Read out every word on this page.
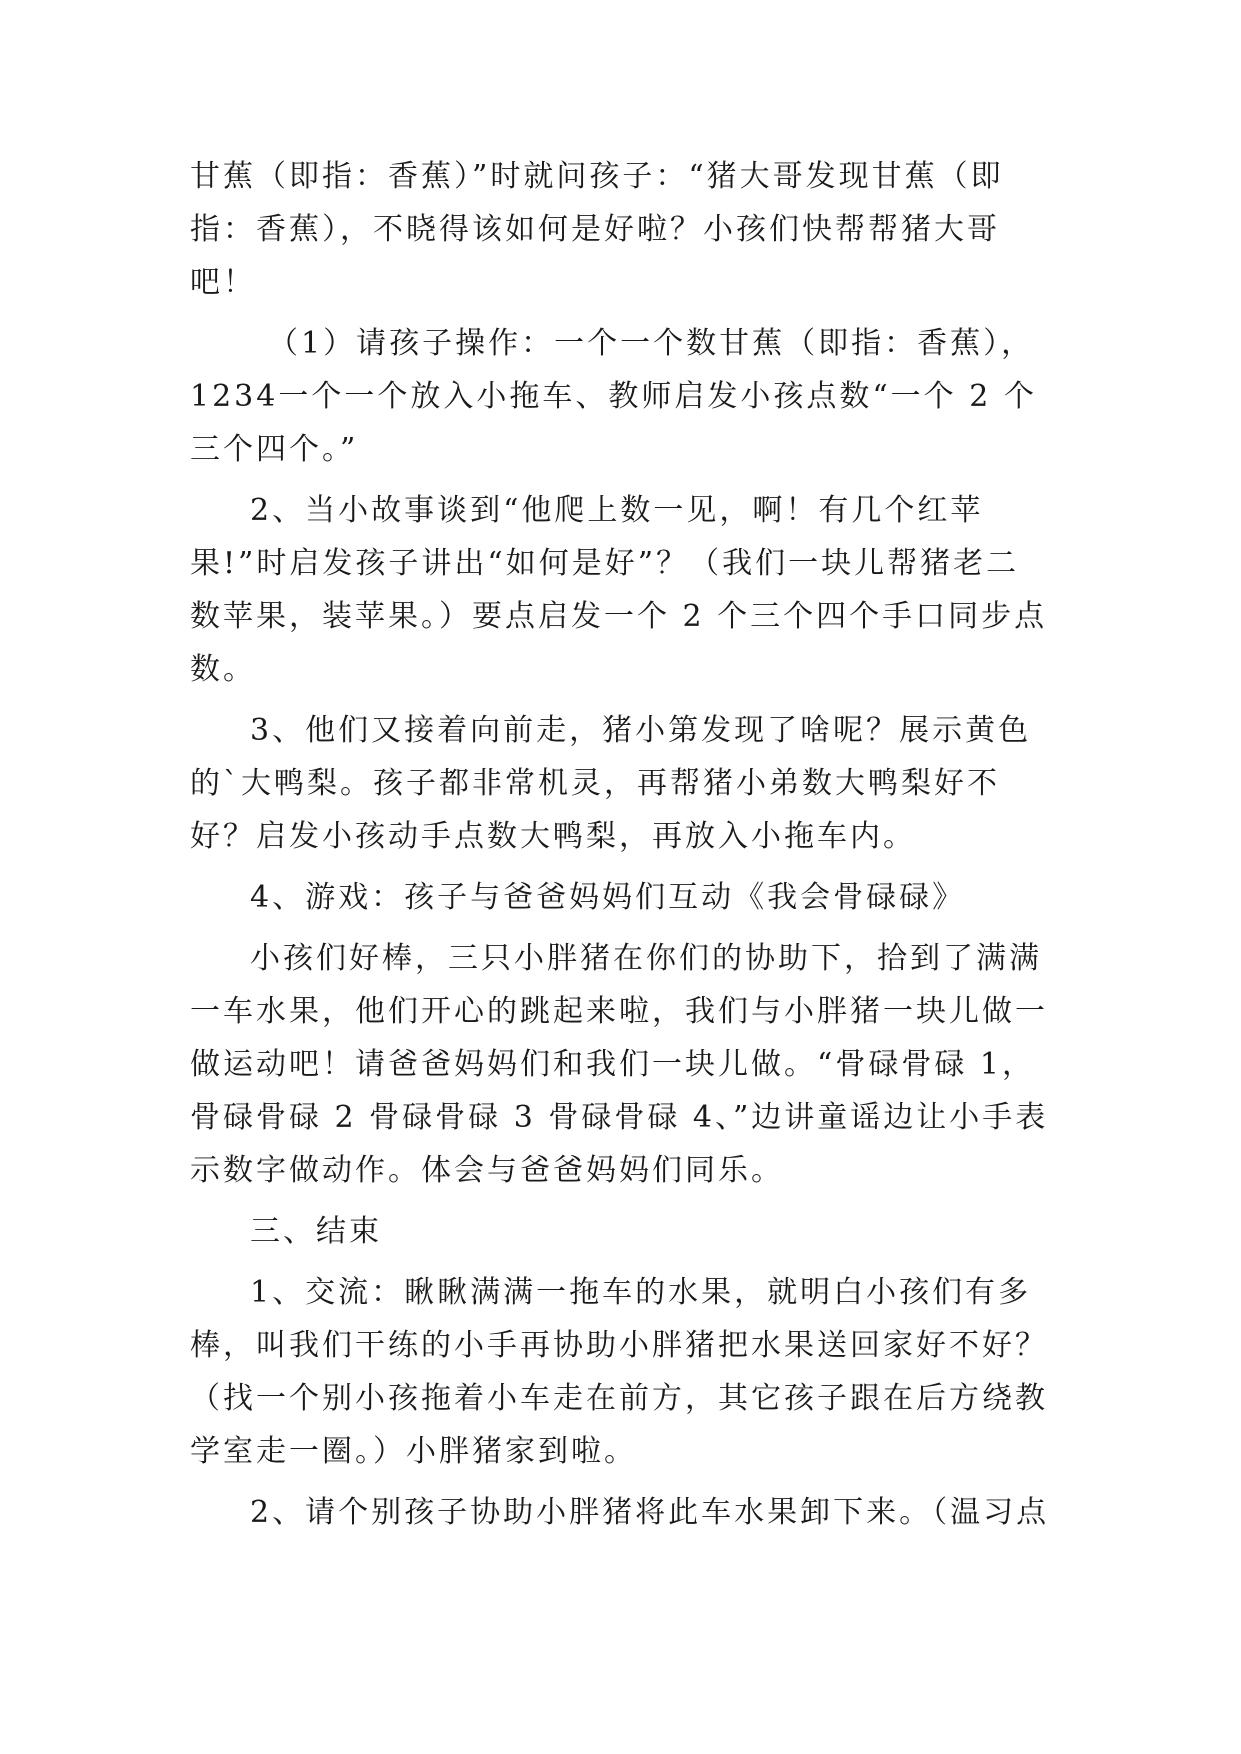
甘蕉（即指：香蕉）”时就问孩子：“猪大哥发现甘蕉（即指：香蕉），不晓得该如何是好啦？小孩们快帮帮猪大哥吧！

（1）请孩子操作：一个一个数甘蕉（即指：香蕉），1234一个一个放入小拖车、教师启发小孩点数“一个 2 个三个四个。”

2、当小故事谈到“他爬上数一见，啊！有几个红苹果!”时启发孩子讲出“如何是好”？（我们一块儿帮猪老二数苹果，装苹果。）要点启发一个 2 个三个四个手口同步点数。

3、他们又接着向前走，猪小第发现了啥呢？展示黄色的`大鸭梨。孩子都非常机灵，再帮猪小弟数大鸭梨好不好？启发小孩动手点数大鸭梨，再放入小拖车内。

4、游戏：孩子与爸爸妈妈们互动《我会骨碌碌》

小孩们好棒，三只小胖猪在你们的协助下，拾到了满满一车水果，他们开心的跳起来啦，我们与小胖猪一块儿做一做运动吧！请爸爸妈妈们和我们一块儿做。“骨碌骨碌 1，骨碌骨碌 2 骨碌骨碌 3 骨碌骨碌 4、”边讲童谣边让小手表示数字做动作。体会与爸爸妈妈们同乐。

三、结束

1、交流：瞅瞅满满一拖车的水果，就明白小孩们有多棒，叫我们干练的小手再协助小胖猪把水果送回家好不好？（找一个别小孩拖着小车走在前方，其它孩子跟在后方绕教学室走一圈。）小胖猪家到啦。

2、请个别孩子协助小胖猪将此车水果卸下来。（温习点
